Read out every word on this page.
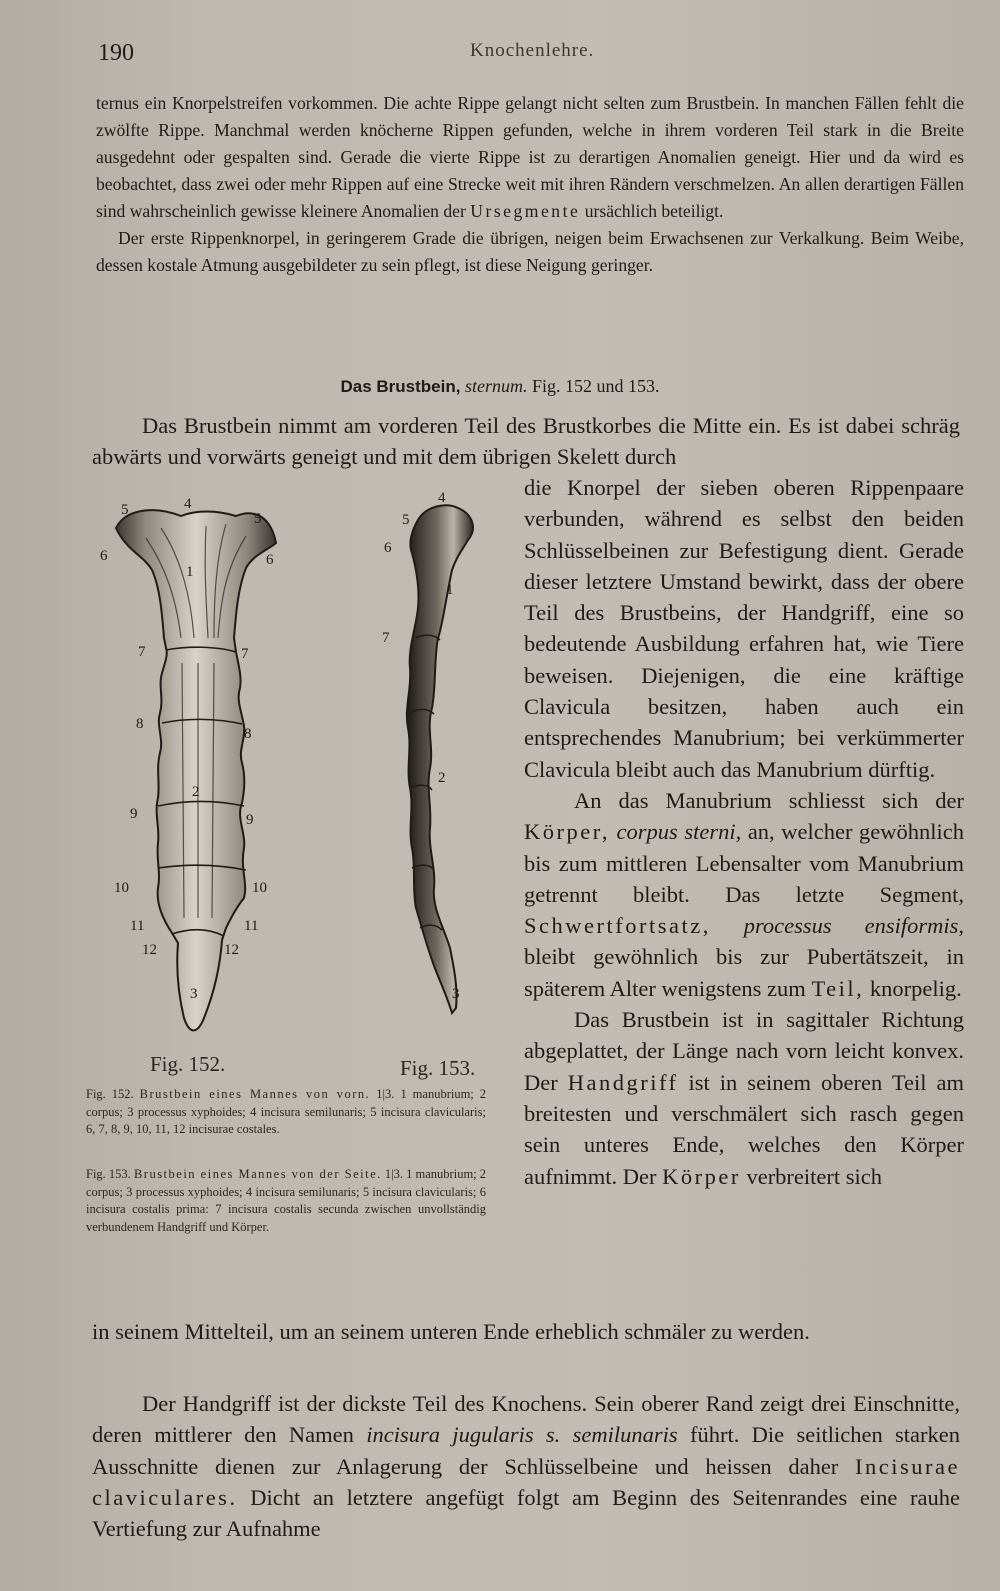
190	Knochenlehre.

ternus ein Knorpelstreifen vorkommen. Die achte Rippe gelangt nicht selten zum Brustbein. In manchen Fällen fehlt die zwölfte Rippe. Manchmal werden knöcherne Rippen gefunden, welche in ihrem vorderen Teil stark in die Breite ausgedehnt oder gespalten sind. Gerade die vierte Rippe ist zu derartigen Anomalien geneigt. Hier und da wird es beobachtet, dass zwei oder mehr Rippen auf eine Strecke weit mit ihren Rändern verschmelzen. An allen derartigen Fällen sind wahrscheinlich gewisse kleinere Anomalien der Ursegmente ursächlich beteiligt.

Der erste Rippenknorpel, in geringerem Grade die übrigen, neigen beim Erwachsenen zur Verkalkung. Beim Weibe, dessen kostale Atmung ausgebildeter zu sein pflegt, ist diese Neigung geringer.

Das Brustbein, sternum. Fig. 152 und 153.

Das Brustbein nimmt am vorderen Teil des Brustkorbes die Mitte ein. Es ist dabei schräg abwärts und vorwärts geneigt und mit dem übrigen Skelett durch

die Knorpel der sieben oberen Rippenpaare verbunden, während es selbst den beiden Schlüsselbeinen zur Befestigung dient. Gerade dieser letztere Umstand bewirkt, dass der obere Teil des Brustbeins, der Handgriff, eine so bedeutende Ausbildung erfahren hat, wie Tiere beweisen. Diejenigen, die eine kräftige Clavicula besitzen, haben auch ein entsprechendes Manubrium; bei verkümmerter Clavicula bleibt auch das Manubrium dürftig.

An das Manubrium schliesst sich der Körper, corpus sterni, an, welcher gewöhnlich bis zum mittleren Lebensalter vom Manubrium getrennt bleibt. Das letzte Segment, Schwertfortsatz, processus ensiformis, bleibt gewöhnlich bis zur Pubertätszeit, in späterem Alter wenigstens zum Teil, knorpelig.

Das Brustbein ist in sagittaler Richtung abgeplattet, der Länge nach vorn leicht konvex. Der Handgriff ist in seinem oberen Teil am breitesten und verschmälert sich rasch gegen sein unteres Ende, welches den Körper aufnimmt. Der Körper verbreitert sich

in seinem Mittelteil, um an seinem unteren Ende erheblich schmäler zu werden.

Der Handgriff ist der dickste Teil des Knochens. Sein oberer Rand zeigt drei Einschnitte, deren mittlerer den Namen incisura jugularis s. semilunaris führt. Die seitlichen starken Ausschnitte dienen zur Anlagerung der Schlüsselbeine und heissen daher Incisurae claviculares. Dicht an letztere angefügt folgt am Beginn des Seitenrandes eine rauhe Vertiefung zur Aufnahme

5	4
5
6	6
1
7	7
8
8
2
9	9
10	10
11	11
12	12
3
4
5
6
1
7
2
3
Fig. 152.	Fig. 153.

Fig. 152. Brustbein eines Mannes von vorn. 1|3. 1 manubrium; 2 corpus; 3 processus xyphoides; 4 incisura semilunaris; 5 incisura clavicularis; 6, 7, 8, 9, 10, 11, 12 incisurae costales.

Fig. 153. Brustbein eines Mannes von der Seite. 1|3. 1 manubrium; 2 corpus; 3 processus xyphoides; 4 incisura semilunaris; 5 incisura clavicularis; 6 incisura costalis prima: 7 incisura costalis secunda zwischen unvollständig verbundenem Handgriff und Körper.
